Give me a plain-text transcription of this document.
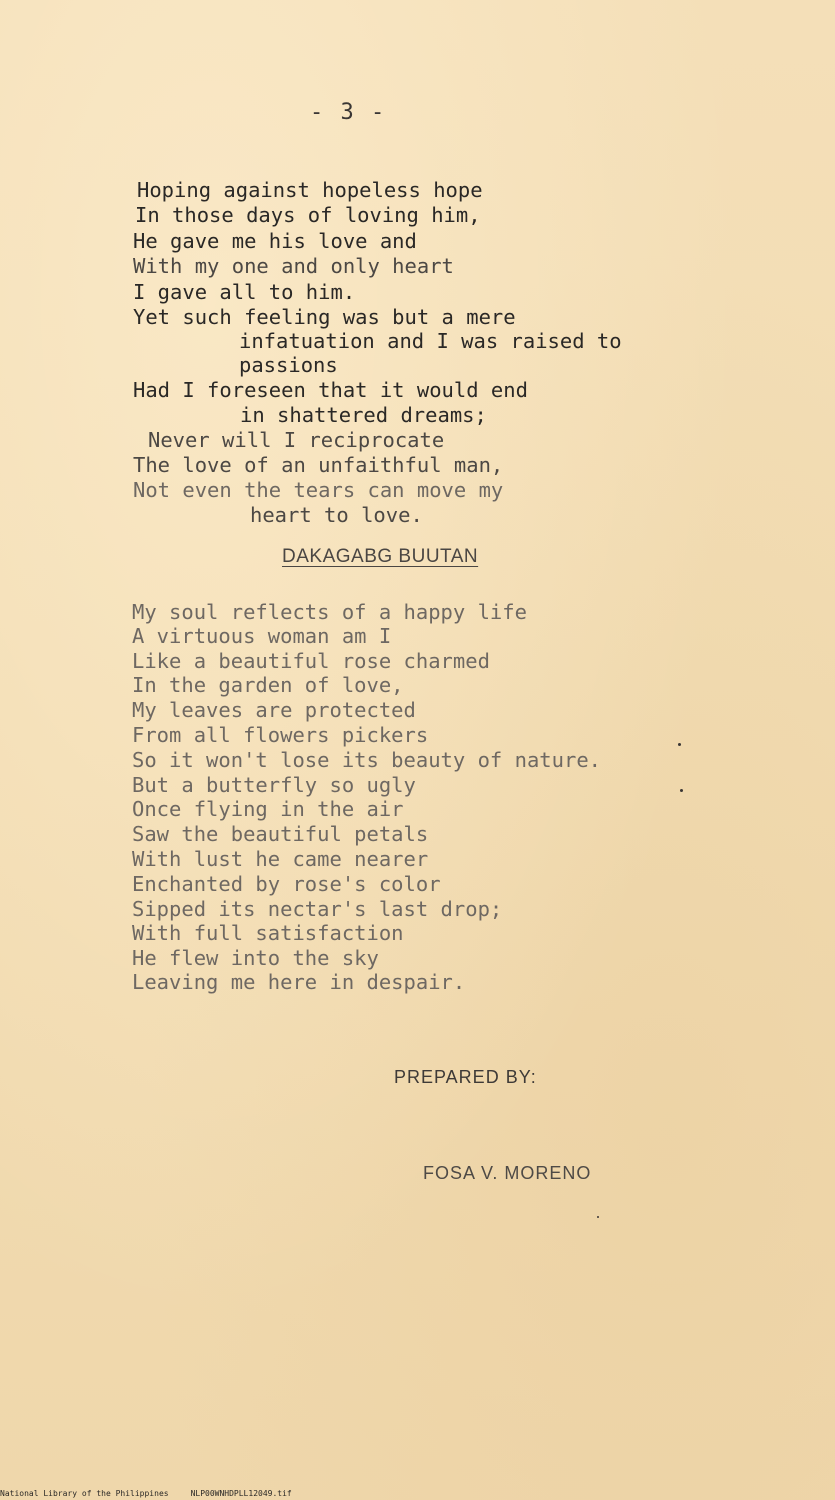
- 3 -
Hoping against hopeless hope
In those days of loving him,
He gave me his love and
With my one and only heart
I gave all to him.
Yet such feeling was but a mere
infatuation and I was raised to
passions
Had I foreseen that it would end
in shattered dreams;
Never will I reciprocate
The love of an unfaithful man,
Not even the tears can move my
heart to love.
DAKAGABG BUUTAN
My soul reflects of a happy life
A virtuous woman am I
Like a beautiful rose charmed
In the garden of love,
My leaves are protected
From all flowers pickers
So it won't lose its beauty of nature.
But a butterfly so ugly
Once flying in the air
Saw the beautiful petals
With lust he came nearer
Enchanted by rose's color
Sipped its nectar's last drop;
With full satisfaction
He flew into the sky
Leaving me here in despair.
PREPARED BY:
FOSA V. MORENO
National Library of the Philippines	NLP00WNHDPLL12049.tif
